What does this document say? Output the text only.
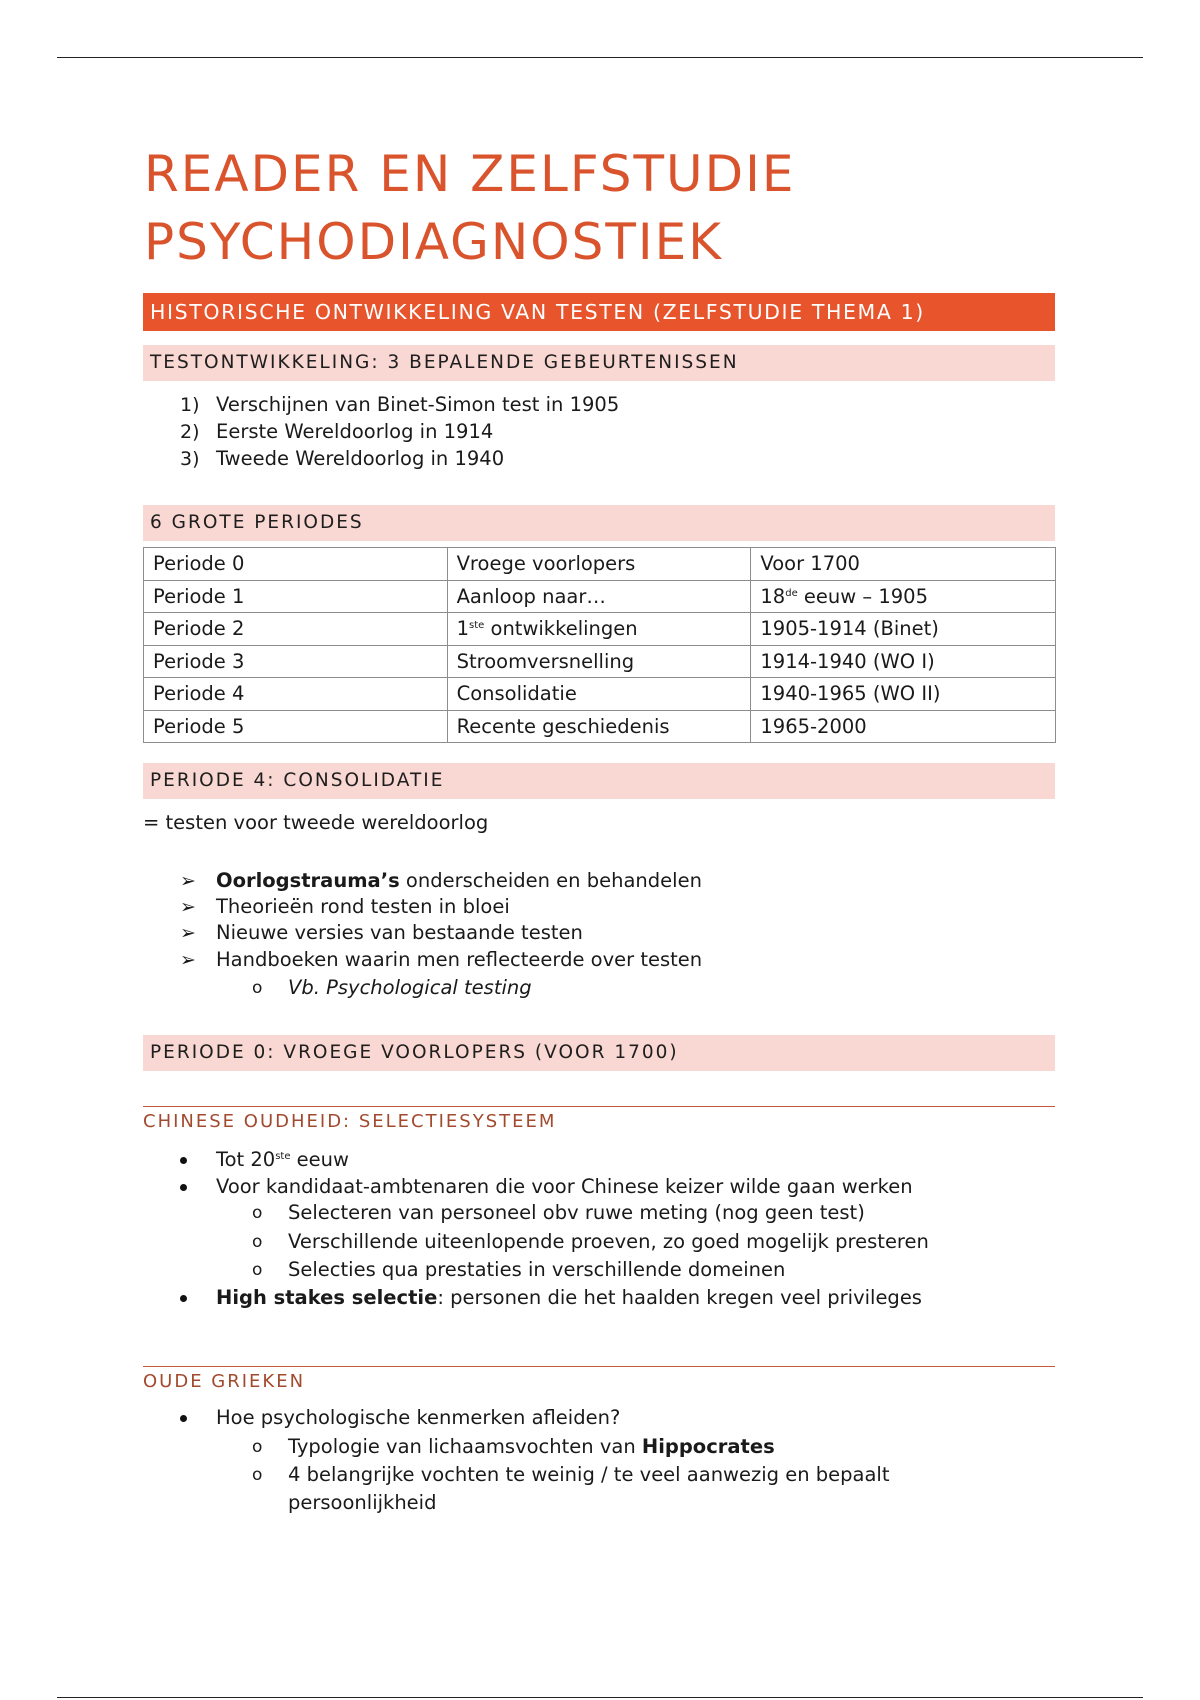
READER EN ZELFSTUDIE
PSYCHODIAGNOSTIEK
HISTORISCHE ONTWIKKELING VAN TESTEN (ZELFSTUDIE THEMA 1)
TESTONTWIKKELING: 3 BEPALENDE GEBEURTENISSEN
1) Verschijnen van Binet-Simon test in 1905
2) Eerste Wereldoorlog in 1914
3) Tweede Wereldoorlog in 1940
6 GROTE PERIODES
Periode 0	Vroege voorlopers	Voor 1700
Periode 1	Aanloop naar…	18de eeuw – 1905
Periode 2	1ste ontwikkelingen	1905-1914 (Binet)
Periode 3	Stroomversnelling	1914-1940 (WO I)
Periode 4	Consolidatie	1940-1965 (WO II)
Periode 5	Recente geschiedenis	1965-2000
PERIODE 4: CONSOLIDATIE
= testen voor tweede wereldoorlog
➢ Oorlogstrauma’s onderscheiden en behandelen
➢ Theorieën rond testen in bloei
➢ Nieuwe versies van bestaande testen
➢ Handboeken waarin men reflecteerde over testen
o Vb. Psychological testing
PERIODE 0: VROEGE VOORLOPERS (VOOR 1700)
CHINESE OUDHEID: SELECTIESYSTEEM
Tot 20ste eeuw
Voor kandidaat-ambtenaren die voor Chinese keizer wilde gaan werken
o Selecteren van personeel obv ruwe meting (nog geen test)
o Verschillende uiteenlopende proeven, zo goed mogelijk presteren
o Selecties qua prestaties in verschillende domeinen
High stakes selectie: personen die het haalden kregen veel privileges
OUDE GRIEKEN
Hoe psychologische kenmerken afleiden?
o Typologie van lichaamsvochten van Hippocrates
o 4 belangrijke vochten te weinig / te veel aanwezig en bepaalt
persoonlijkheid
